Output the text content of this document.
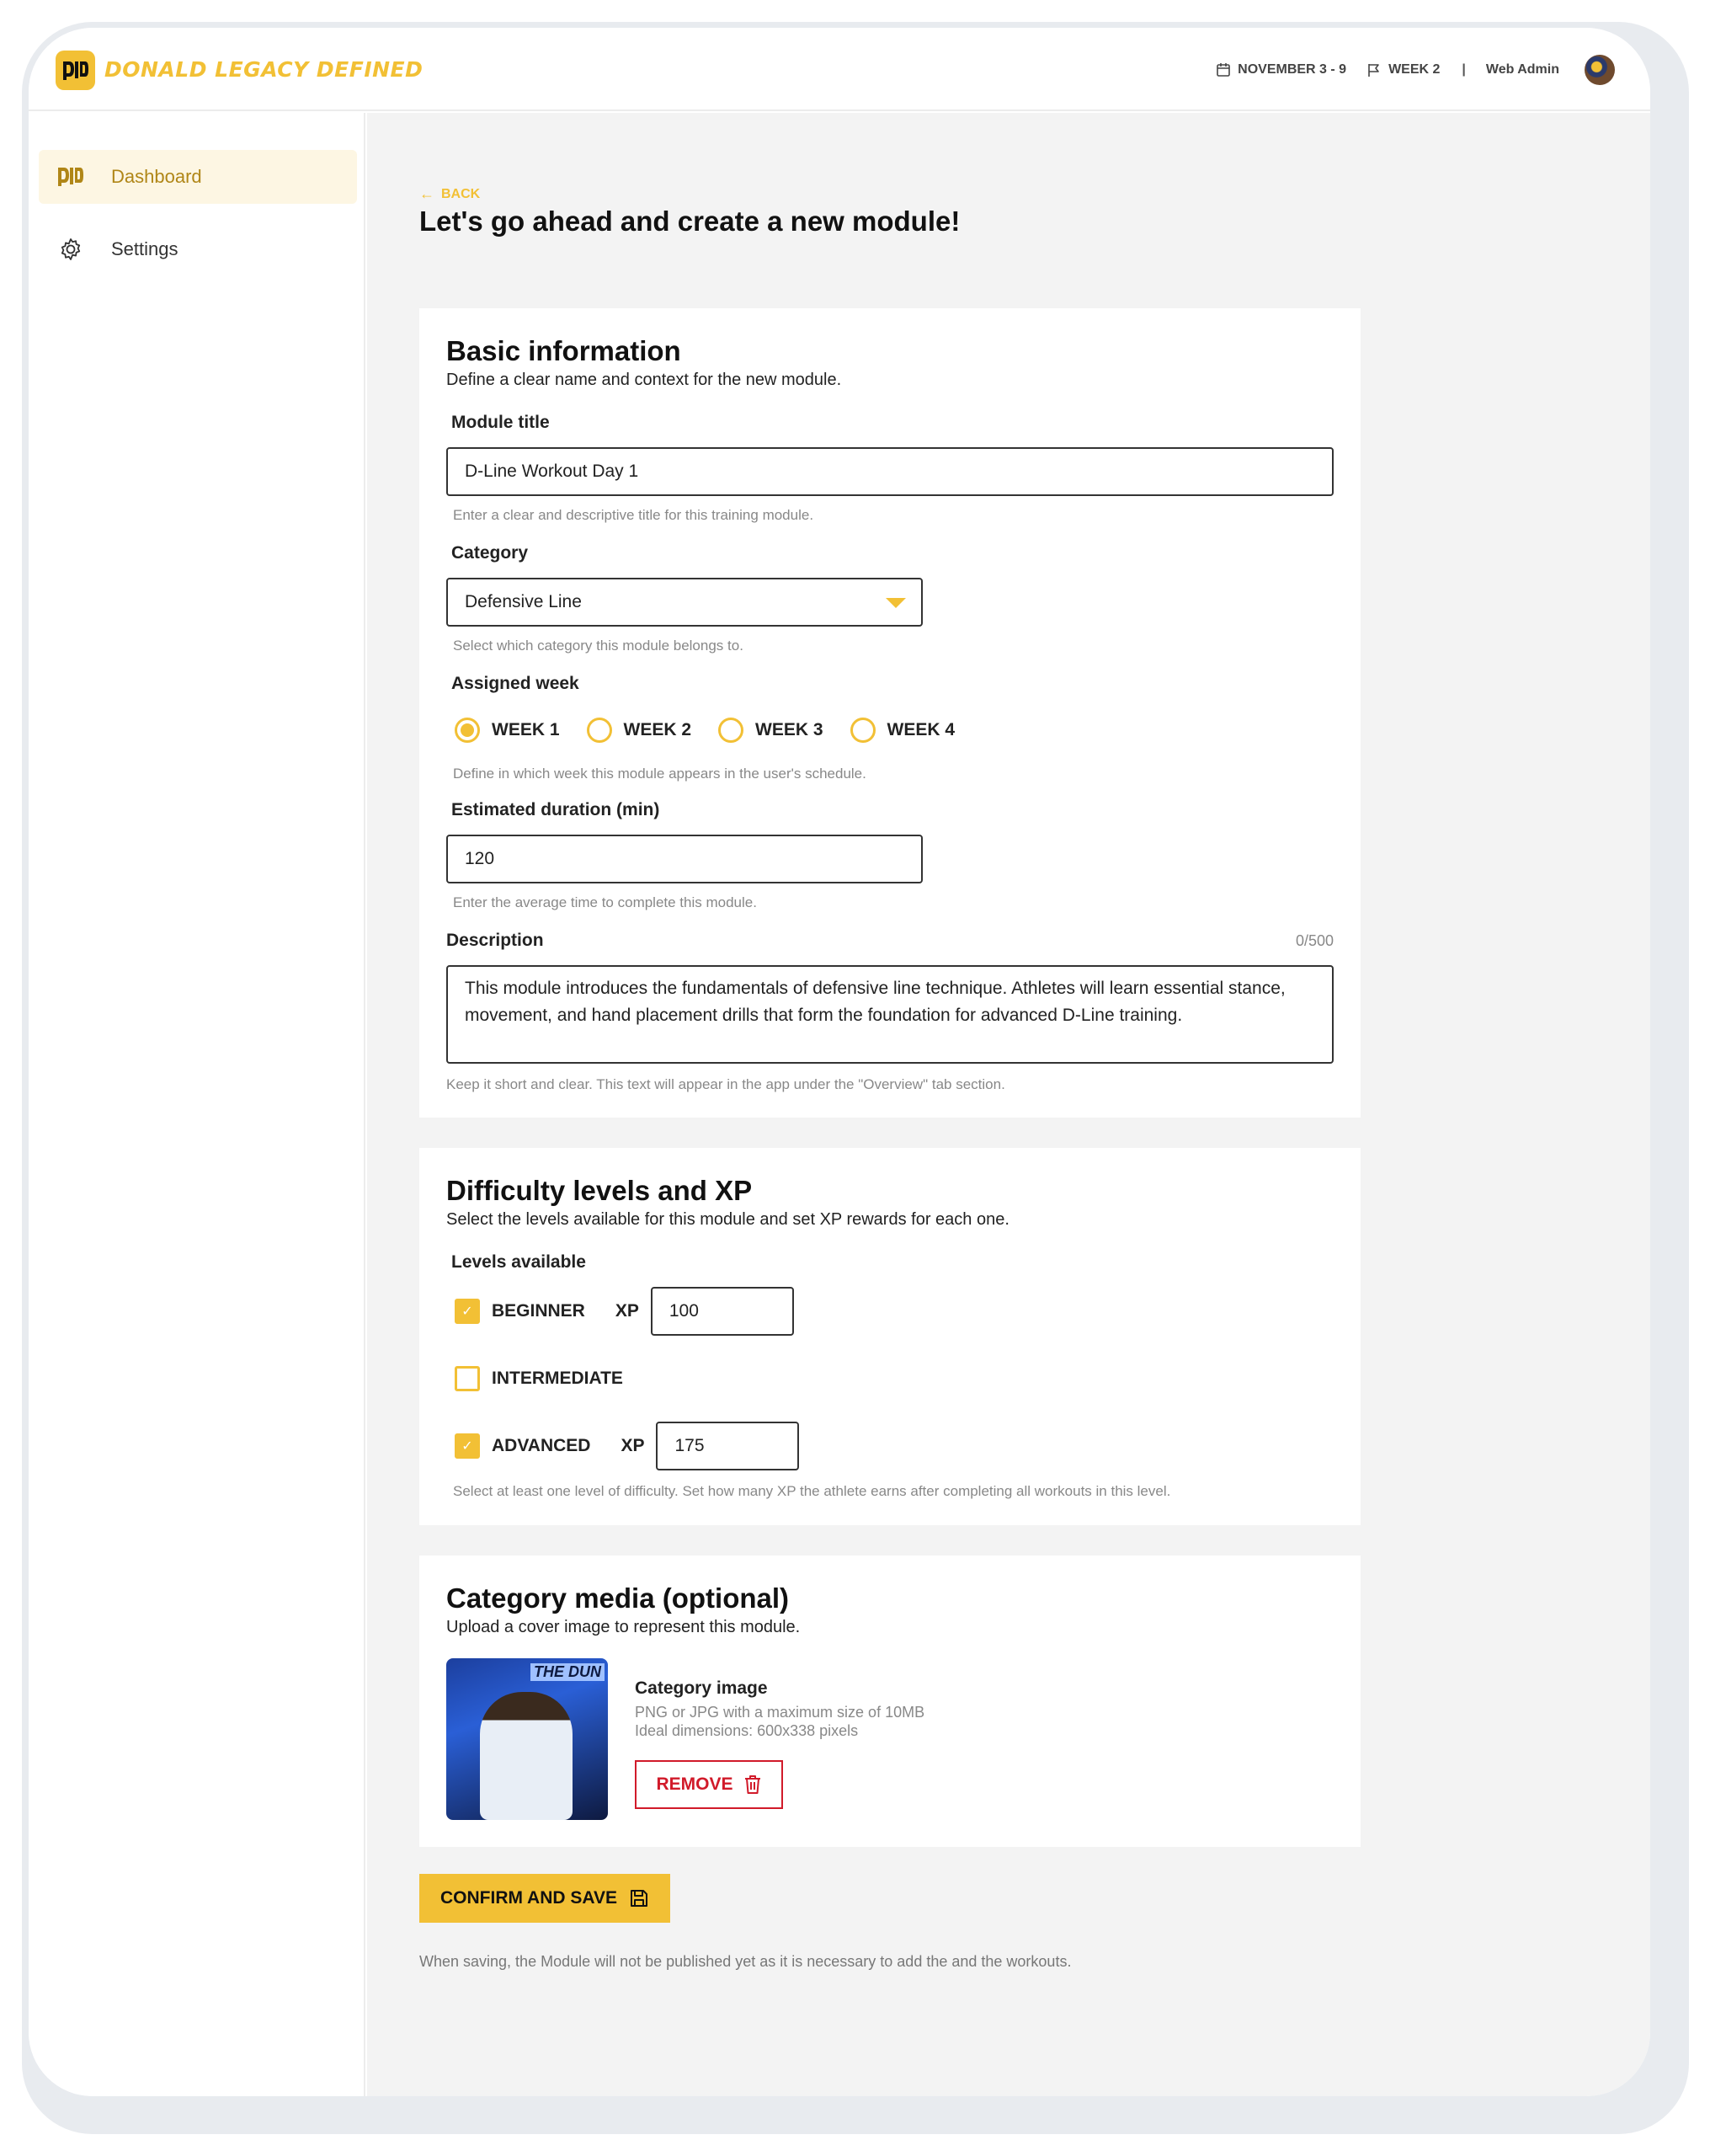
DONALD LEGACY DEFINED	NOVEMBER 3 - 9	WEEK 2 | Web Admin
Dashboard
Settings
← BACK
Let's go ahead and create a new module!
Basic information
Define a clear name and context for the new module.
Module title
D-Line Workout Day 1
Enter a clear and descriptive title for this training module.
Category
Defensive Line
Select which category this module belongs to.
Assigned week
WEEK 1	WEEK 2	WEEK 3	WEEK 4
Define in which week this module appears in the user's schedule.
Estimated duration (min)
120
Enter the average time to complete this module.
Description	0/500
This module introduces the fundamentals of defensive line technique. Athletes will learn essential stance, movement, and hand placement drills that form the foundation for advanced D-Line training.
Keep it short and clear. This text will appear in the app under the "Overview" tab section.
Difficulty levels and XP
Select the levels available for this module and set XP rewards for each one.
Levels available
✓	BEGINNER XP 100
INTERMEDIATE
✓	ADVANCED XP 175
Select at least one level of difficulty. Set how many XP the athlete earns after completing all workouts in this level.
Category media (optional)
Upload a cover image to represent this module.
THE DUN
Category image
PNG or JPG with a maximum size of 10MB
Ideal dimensions: 600x338 pixels
REMOVE
CONFIRM AND SAVE
When saving, the Module will not be published yet as it is necessary to add the and the workouts.
